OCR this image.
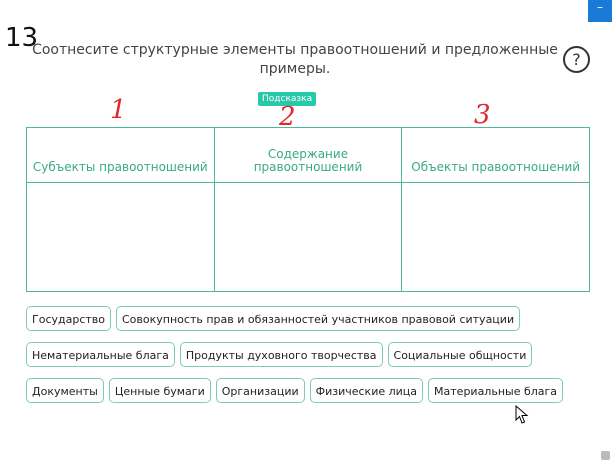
13
–
Соотнесите структурные элементы правоотношений и предложенные примеры.	?
Подсказка
1	2	3
Субъекты правоотношений	Содержание правоотношений	Объекты правоотношений

Государство	Совокупность прав и обязанностей участников правовой ситуации
Нематериальные блага	Продукты духовного творчества	Социальные общности
Документы	Ценные бумаги	Организации	Физические лица	Материальные блага
